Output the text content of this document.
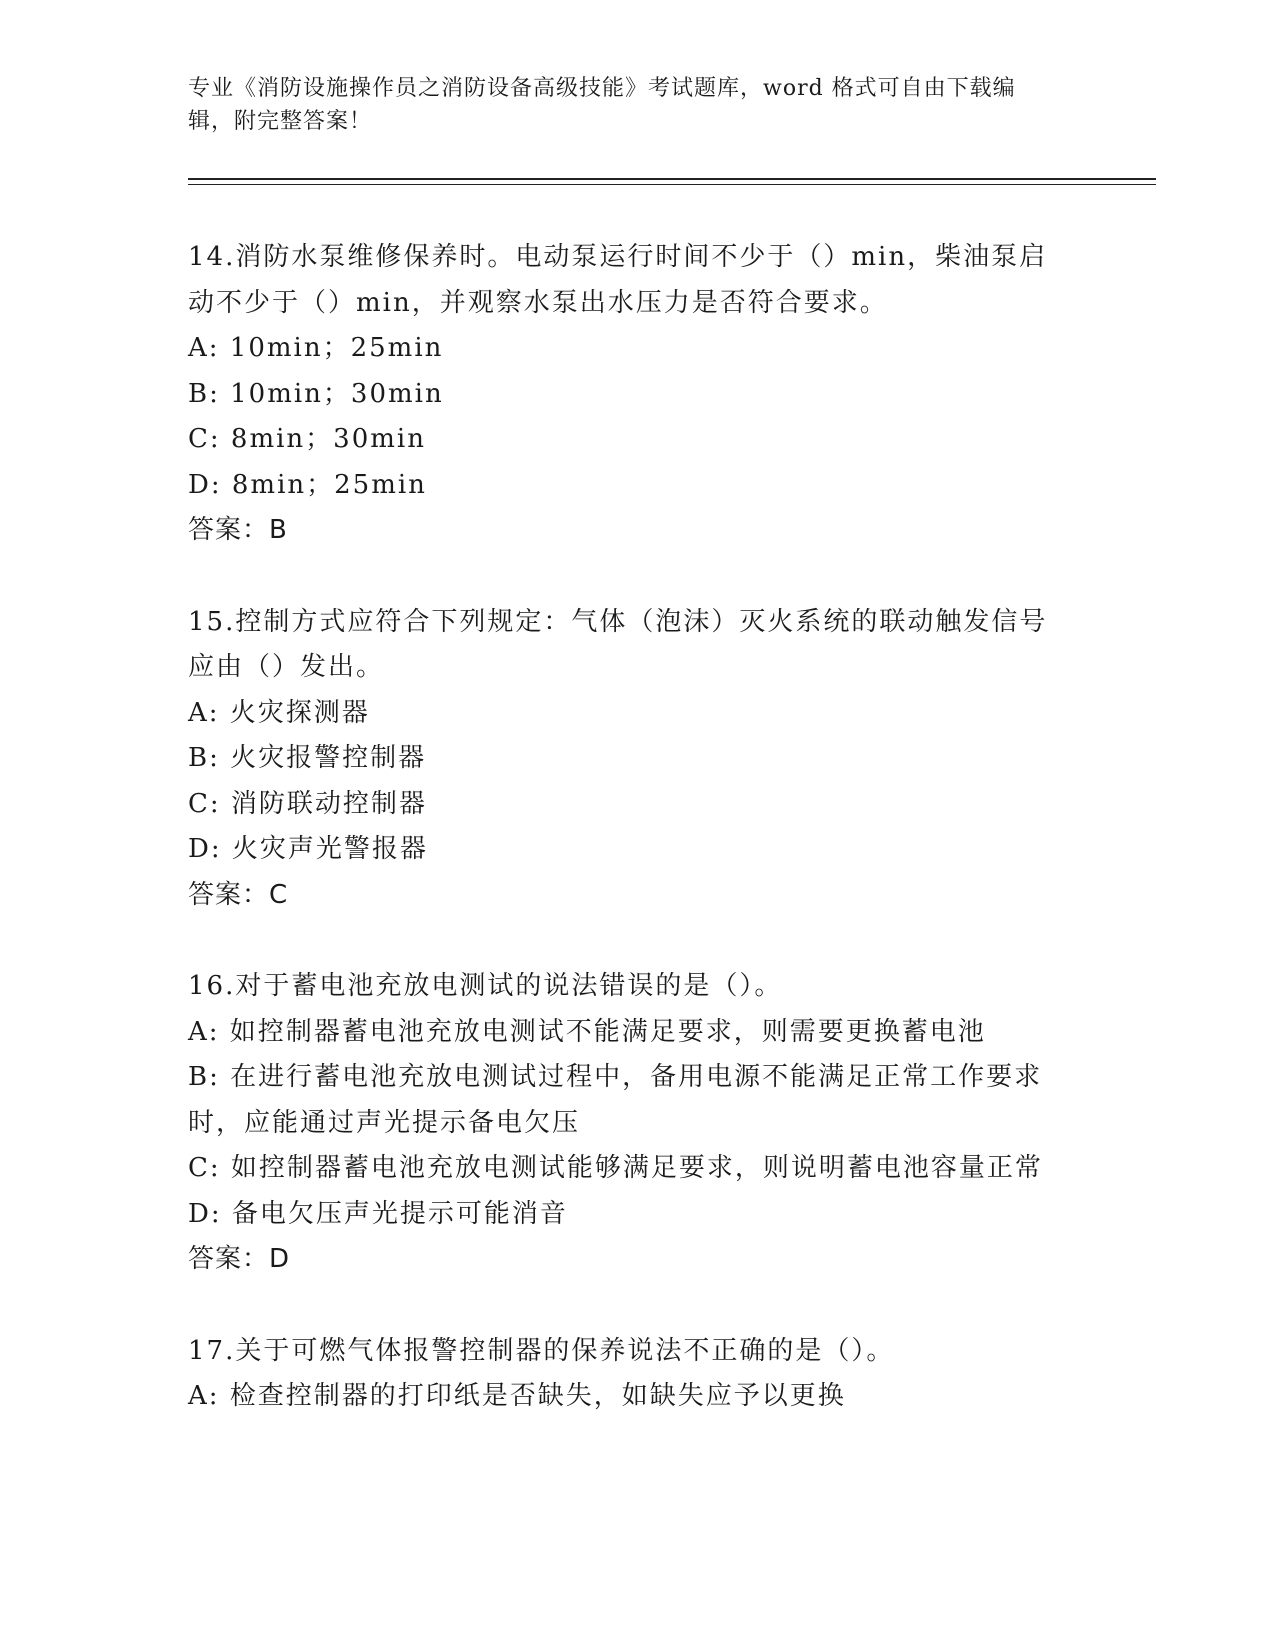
专业《消防设施操作员之消防设备高级技能》考试题库，word 格式可自由下载编
辑，附完整答案！
14.消防水泵维修保养时。电动泵运行时间不少于（）min，柴油泵启
动不少于（）min，并观察水泵出水压力是否符合要求。
A: 10min；25min
B: 10min；30min
C: 8min；30min
D: 8min；25min
答案：B
15.控制方式应符合下列规定：气体（泡沫）灭火系统的联动触发信号
应由（）发出。
A: 火灾探测器
B: 火灾报警控制器
C: 消防联动控制器
D: 火灾声光警报器
答案：C
16.对于蓄电池充放电测试的说法错误的是（）。
A: 如控制器蓄电池充放电测试不能满足要求，则需要更换蓄电池
B: 在进行蓄电池充放电测试过程中，备用电源不能满足正常工作要求
时，应能通过声光提示备电欠压
C: 如控制器蓄电池充放电测试能够满足要求，则说明蓄电池容量正常
D: 备电欠压声光提示可能消音
答案：D
17.关于可燃气体报警控制器的保养说法不正确的是（）。
A: 检查控制器的打印纸是否缺失，如缺失应予以更换
